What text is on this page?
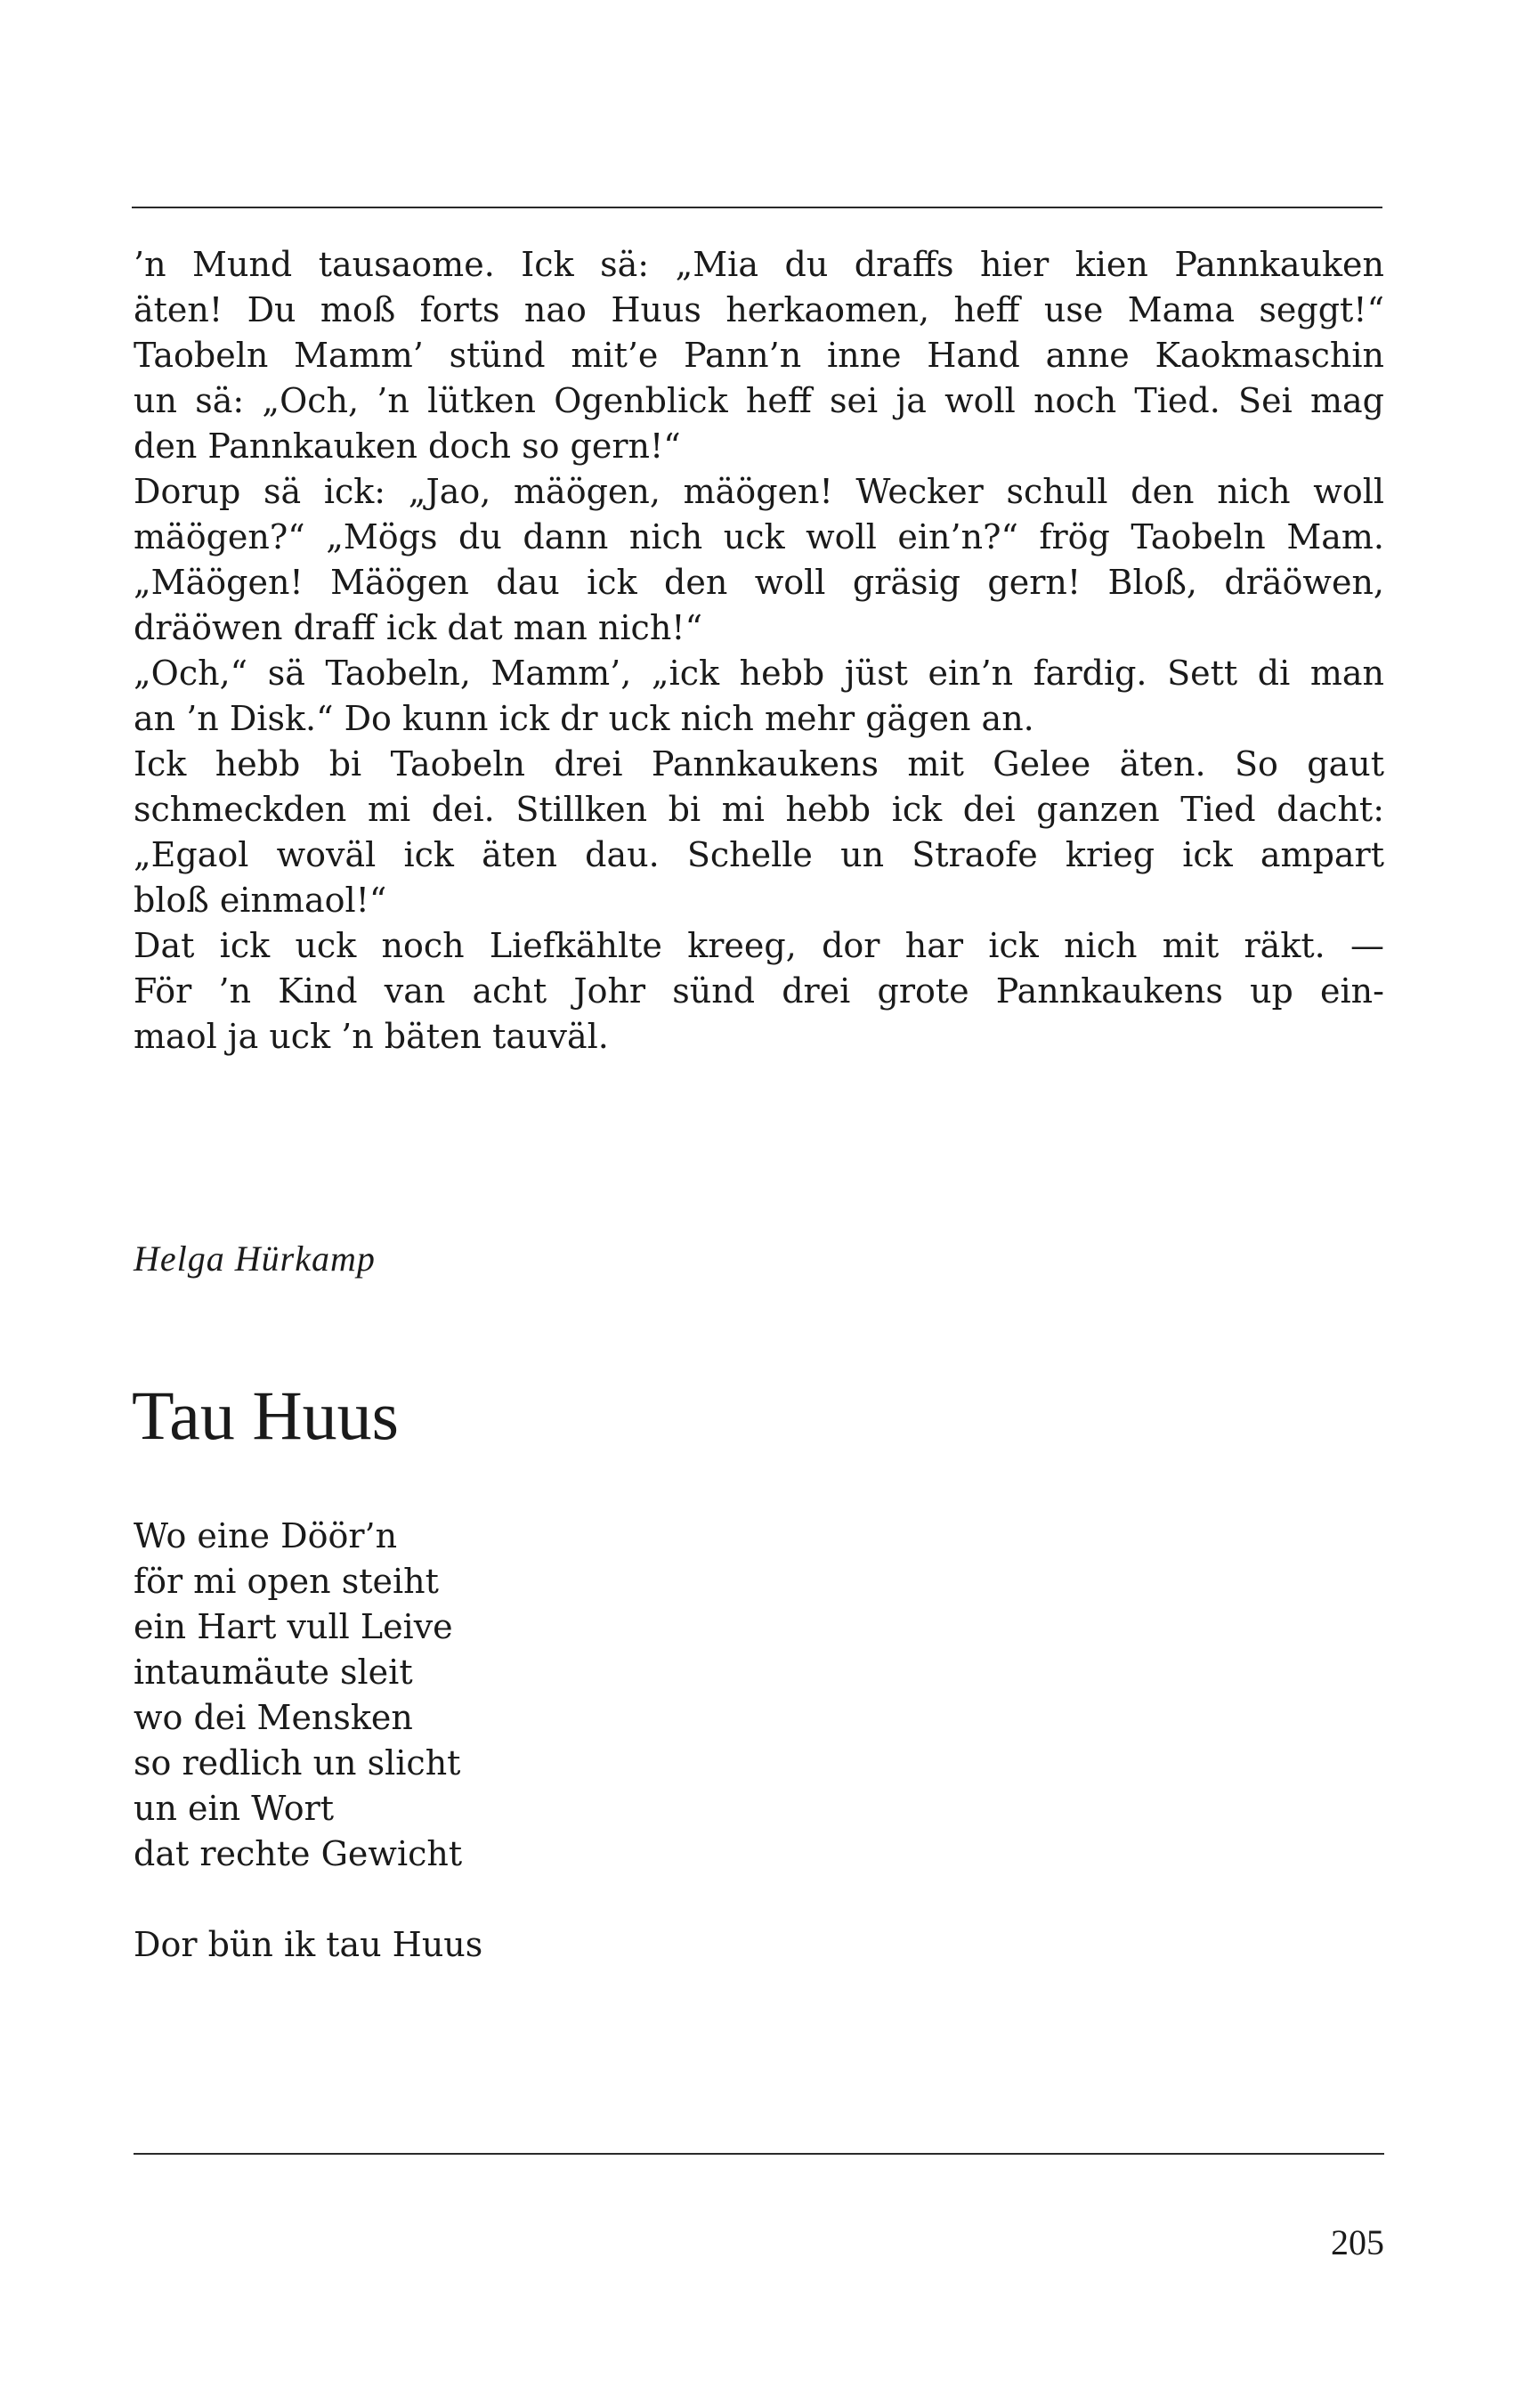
’n Mund tausaome. Ick sä: „Mia du draffs hier kien Pannkauken
äten! Du moß forts nao Huus herkaomen, heff use Mama seggt!“
Taobeln Mamm’ stünd mit’e Pann’n inne Hand anne Kaokmaschin
un sä: „Och, ’n lütken Ogenblick heff sei ja woll noch Tied. Sei mag
den Pannkauken doch so gern!“
Dorup sä ick: „Jao, mäögen, mäögen! Wecker schull den nich woll
mäögen?“ „Mögs du dann nich uck woll ein’n?“ frög Taobeln Mam.
„Mäögen! Mäögen dau ick den woll gräsig gern! Bloß, dräöwen,
dräöwen draff ick dat man nich!“
„Och,“ sä Taobeln, Mamm’, „ick hebb jüst ein’n fardig. Sett di man
an ’n Disk.“ Do kunn ick dr uck nich mehr gägen an.
Ick hebb bi Taobeln drei Pannkaukens mit Gelee äten. So gaut
schmeckden mi dei. Stillken bi mi hebb ick dei ganzen Tied dacht:
„Egaol woväl ick äten dau. Schelle un Straofe krieg ick ampart
bloß einmaol!“
Dat ick uck noch Liefkähltе kreeg, dor har ick nich mit räkt. —
För ’n Kind van acht Johr sünd drei grote Pannkaukens up ein-
maol ja uck ’n bäten tauväl.
Helga Hürkamp
Tau Huus
Wo eine Döör’n
för mi open steiht
ein Hart vull Leive
intaumäute sleit
wo dei Mensken
so redlich un slicht
un ein Wort
dat rechte Gewicht
Dor bün ik tau Huus
205
